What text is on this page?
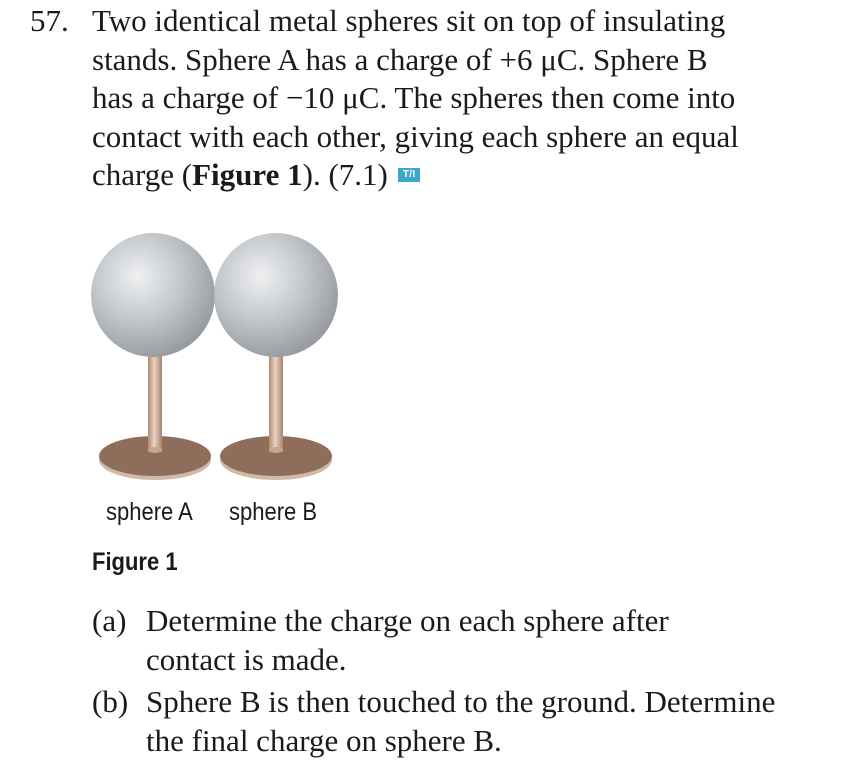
57. Two identical metal spheres sit on top of insulating
stands. Sphere A has a charge of +6 μC. Sphere B
has a charge of −10 μC. The spheres then come into
contact with each other, giving each sphere an equal
charge (Figure 1). (7.1) T/I
sphere A sphere B
Figure 1
(a) Determine the charge on each sphere after
contact is made.
(b) Sphere B is then touched to the ground. Determine
the final charge on sphere B.
